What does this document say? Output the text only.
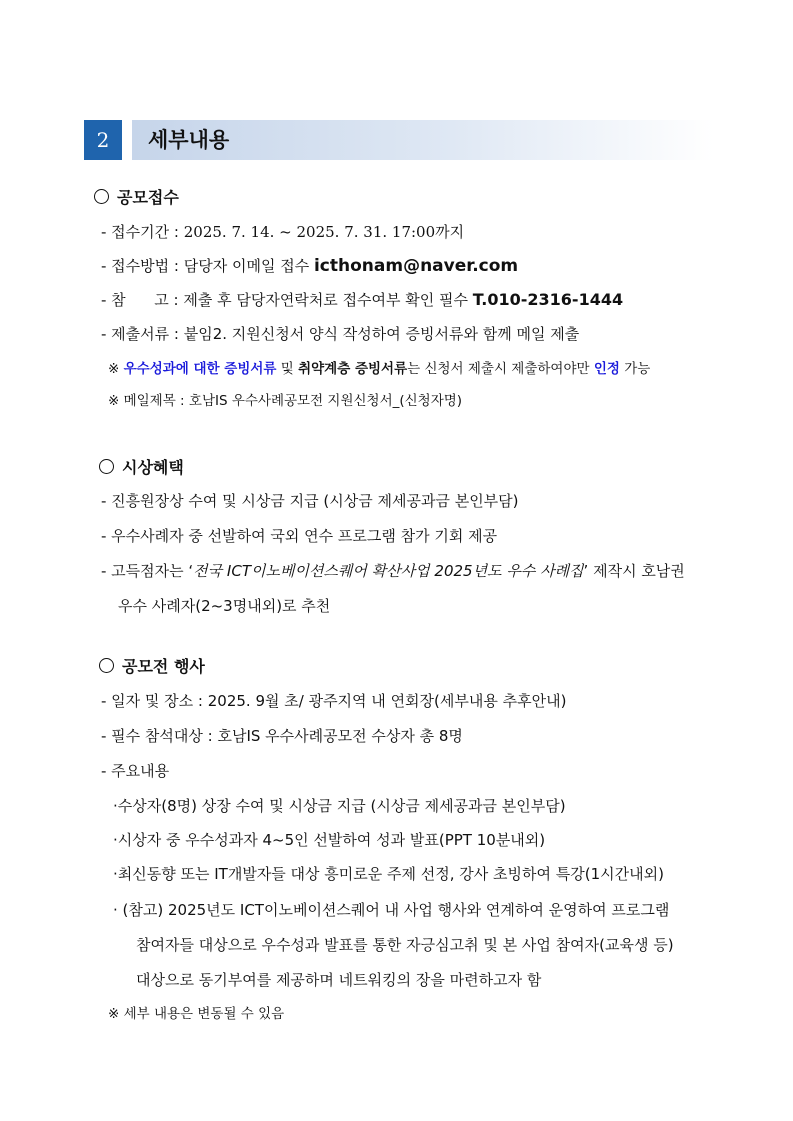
2	세부내용
공모접수
- 접수기간 : 2025. 7. 14. ~ 2025. 7. 31. 17:00까지
- 접수방법 : 담당자 이메일 접수 icthonam@naver.com
- 참      고 : 제출 후 담당자연락처로 접수여부 확인 필수 T.010-2316-1444
- 제출서류 : 붙임2. 지원신청서 양식 작성하여 증빙서류와 함께 메일 제출
※ 우수성과에 대한 증빙서류 및 취약계층 증빙서류는 신청서 제출시 제출하여야만 인정 가능
※ 메일제목 : 호남IS 우수사례공모전 지원신청서_(신청자명)
시상혜택
- 진흥원장상 수여 및 시상금 지급 (시상금 제세공과금 본인부담)
- 우수사례자 중 선발하여 국외 연수 프로그램 참가 기회 제공
- 고득점자는 ‘전국 ICT이노베이션스퀘어 확산사업 2025년도 우수 사례집’ 제작시 호남권
우수 사례자(2~3명내외)로 추천
공모전 행사
- 일자 및 장소 : 2025. 9월 초/ 광주지역 내 연회장(세부내용 추후안내)
- 필수 참석대상 : 호남IS 우수사례공모전 수상자 총 8명
- 주요내용
·수상자(8명) 상장 수여 및 시상금 지급 (시상금 제세공과금 본인부담)
·시상자 중 우수성과자 4~5인 선발하여 성과 발표(PPT 10분내외)
·최신동향 또는 IT개발자들 대상 흥미로운 주제 선정, 강사 초빙하여 특강(1시간내외)
· (참고) 2025년도 ICT이노베이션스퀘어 내 사업 행사와 연계하여 운영하여 프로그램
참여자들 대상으로 우수성과 발표를 통한 자긍심고취 및 본 사업 참여자(교육생 등)
대상으로 동기부여를 제공하며 네트워킹의 장을 마련하고자 함
※ 세부 내용은 변동될 수 있음
